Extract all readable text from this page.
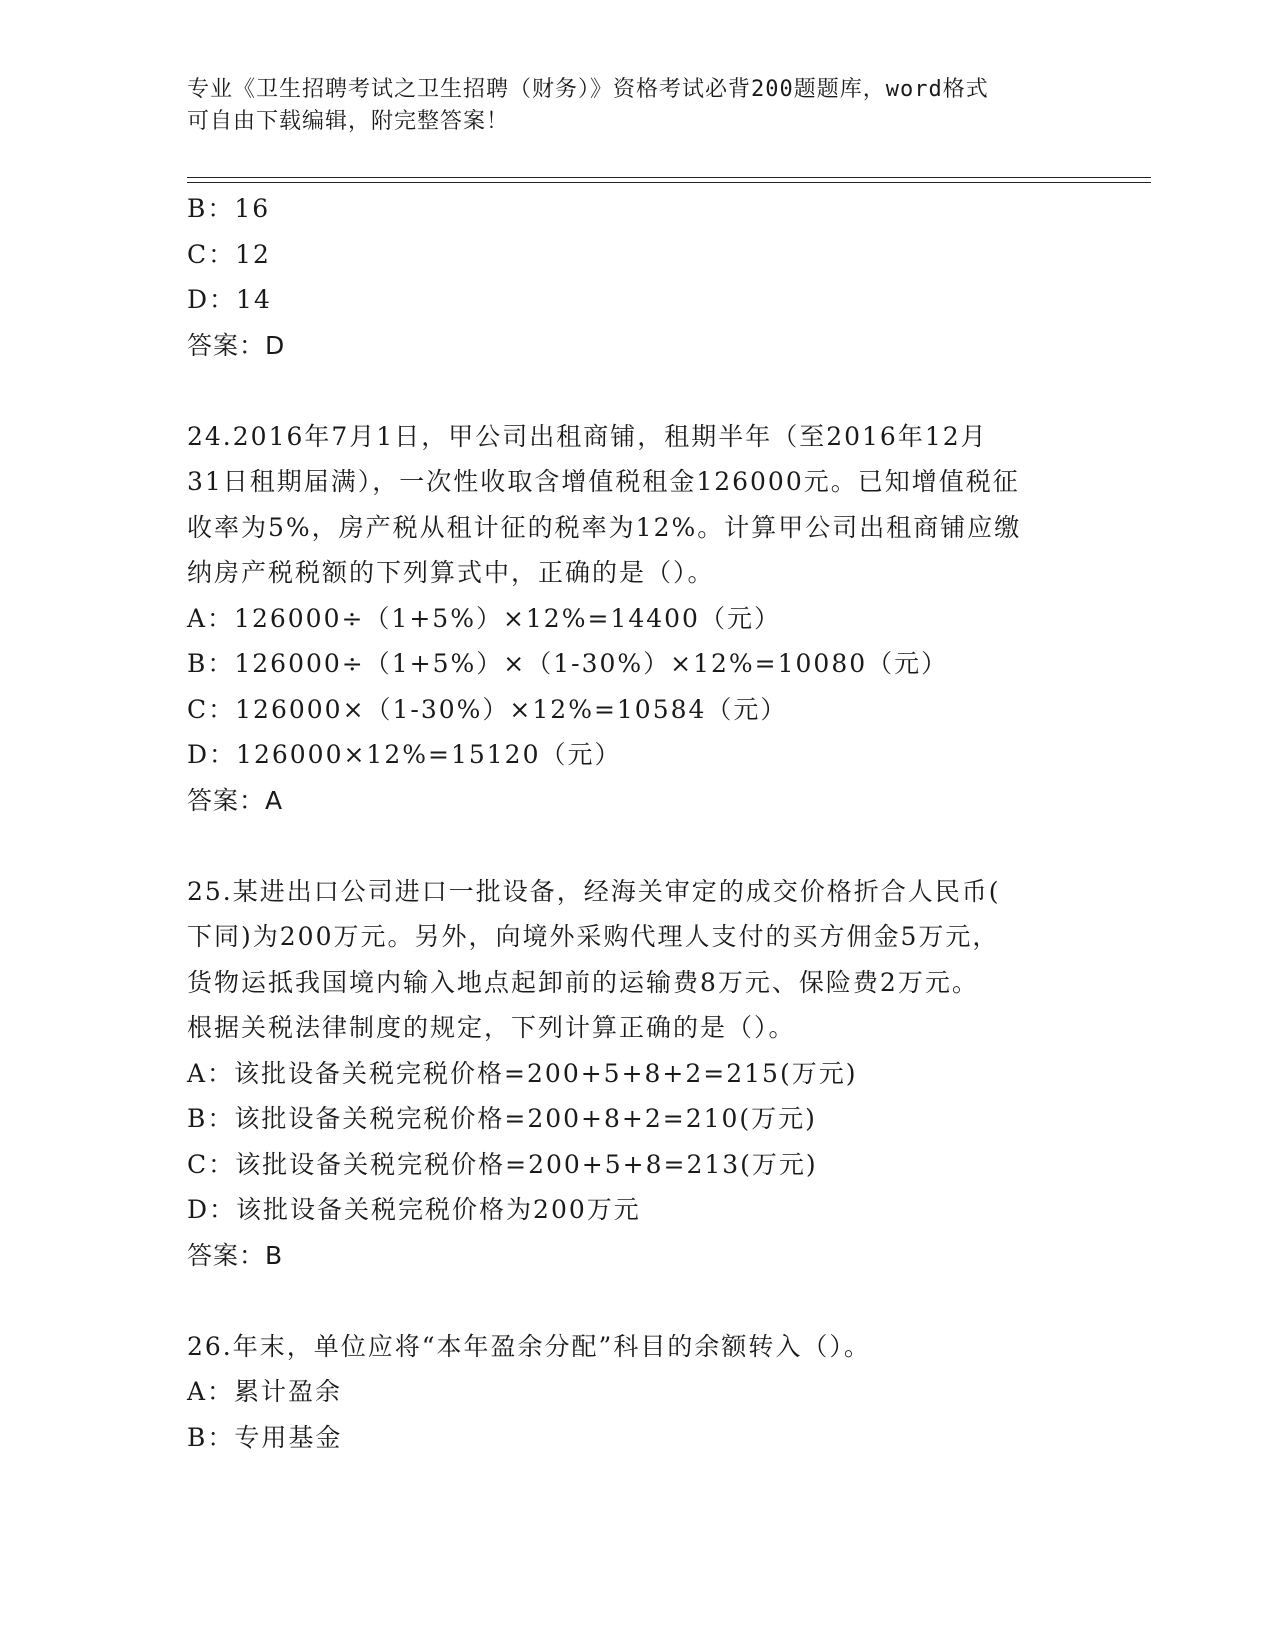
专业《卫生招聘考试之卫生招聘（财务）》资格考试必背200题题库，word格式
可自由下载编辑，附完整答案！
B：16
C：12
D：14
答案：D
24.2016年7月1日，甲公司出租商铺，租期半年（至2016年12月
31日租期届满），一次性收取含增值税租金126000元。已知增值税征
收率为5%，房产税从租计征的税率为12%。计算甲公司出租商铺应缴
纳房产税税额的下列算式中，正确的是（）。
A：126000÷（1+5%）×12%=14400（元）
B：126000÷（1+5%）×（1-30%）×12%=10080（元）
C：126000×（1-30%）×12%=10584（元）
D：126000×12%=15120（元）
答案：A
25.某进出口公司进口一批设备，经海关审定的成交价格折合人民币(
下同)为200万元。另外，向境外采购代理人支付的买方佣金5万元，
货物运抵我国境内输入地点起卸前的运输费8万元、保险费2万元。
根据关税法律制度的规定，下列计算正确的是（）。
A：该批设备关税完税价格=200+5+8+2=215(万元)
B：该批设备关税完税价格=200+8+2=210(万元)
C：该批设备关税完税价格=200+5+8=213(万元)
D：该批设备关税完税价格为200万元
答案：B
26.年末，单位应将“本年盈余分配”科目的余额转入（）。
A：累计盈余
B：专用基金
